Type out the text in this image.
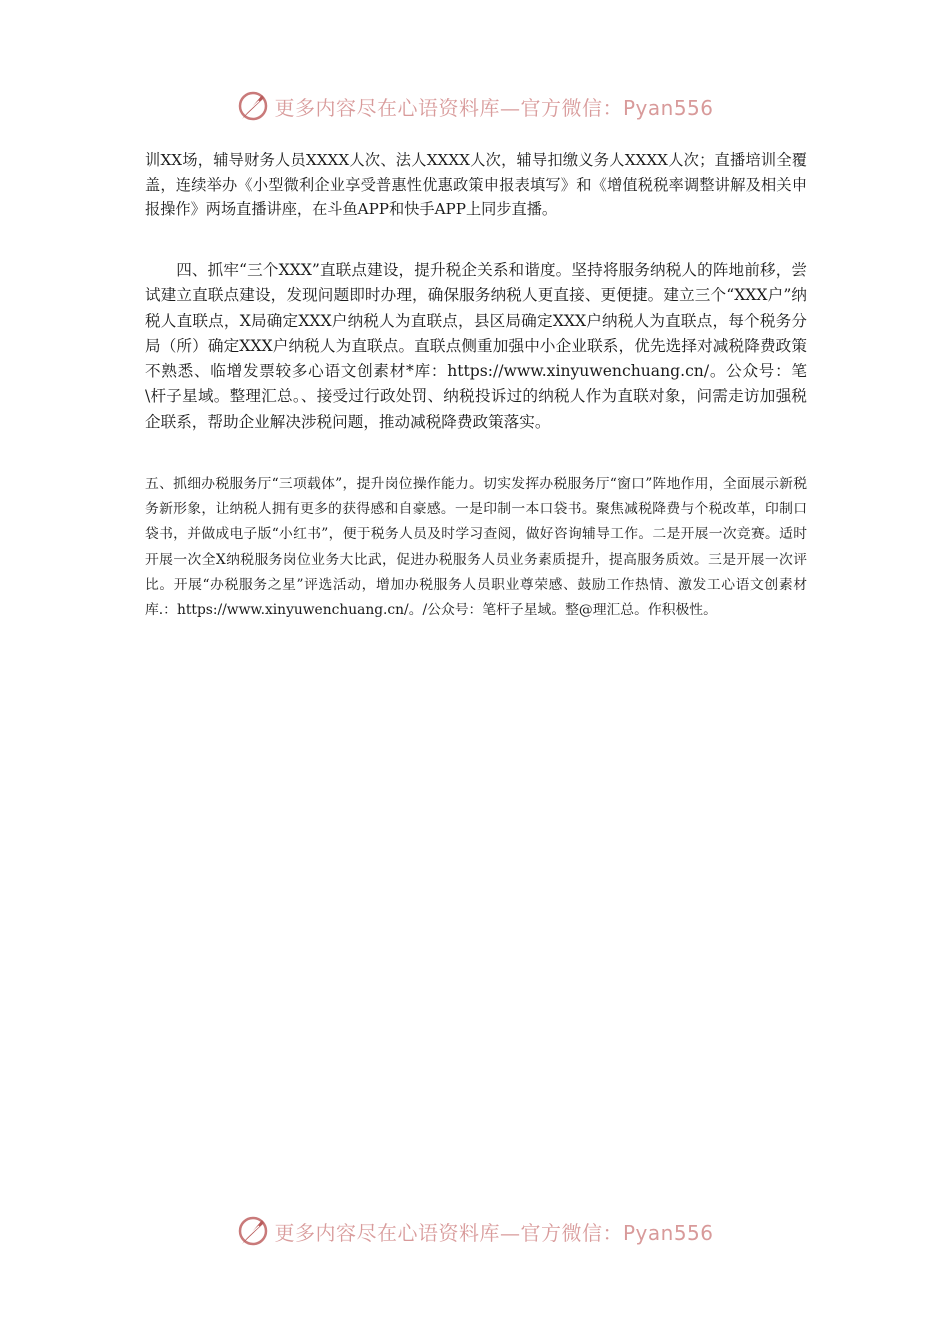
更多内容尽在心语资料库—官方微信：Pyan556

训XX场，辅导财务人员XXXX人次、法人XXXX人次，辅导扣缴义务人XXXX人次；直播培训全覆盖，连续举办《小型微利企业享受普惠性优惠政策申报表填写》和《增值税税率调整讲解及相关申报操作》两场直播讲座，在斗鱼APP和快手APP上同步直播。

四、抓牢“三个XXX”直联点建设，提升税企关系和谐度。坚持将服务纳税人的阵地前移，尝试建立直联点建设，发现问题即时办理，确保服务纳税人更直接、更便捷。建立三个“XXX户”纳税人直联点，X局确定XXX户纳税人为直联点，县区局确定XXX户纳税人为直联点，每个税务分局（所）确定XXX户纳税人为直联点。直联点侧重加强中小企业联系，优先选择对减税降费政策不熟悉、临增发票较多心语文创素材*库：https://www.xinyuwenchuang.cn/。公众号：笔\杆子星域。整理汇总。、接受过行政处罚、纳税投诉过的纳税人作为直联对象，问需走访加强税企联系，帮助企业解决涉税问题，推动减税降费政策落实。

五、抓细办税服务厅“三项载体”，提升岗位操作能力。切实发挥办税服务厅“窗口”阵地作用，全面展示新税务新形象，让纳税人拥有更多的获得感和自豪感。一是印制一本口袋书。聚焦减税降费与个税改革，印制口袋书，并做成电子版“小红书”，便于税务人员及时学习查阅，做好咨询辅导工作。二是开展一次竞赛。适时开展一次全X纳税服务岗位业务大比武，促进办税服务人员业务素质提升，提高服务质效。三是开展一次评比。开展“办税服务之星”评选活动，增加办税服务人员职业尊荣感、鼓励工作热情、激发工心语文创素材库.：https://www.xinyuwenchuang.cn/。/公众号：笔杆子星域。整@理汇总。作积极性。

更多内容尽在心语资料库—官方微信：Pyan556
